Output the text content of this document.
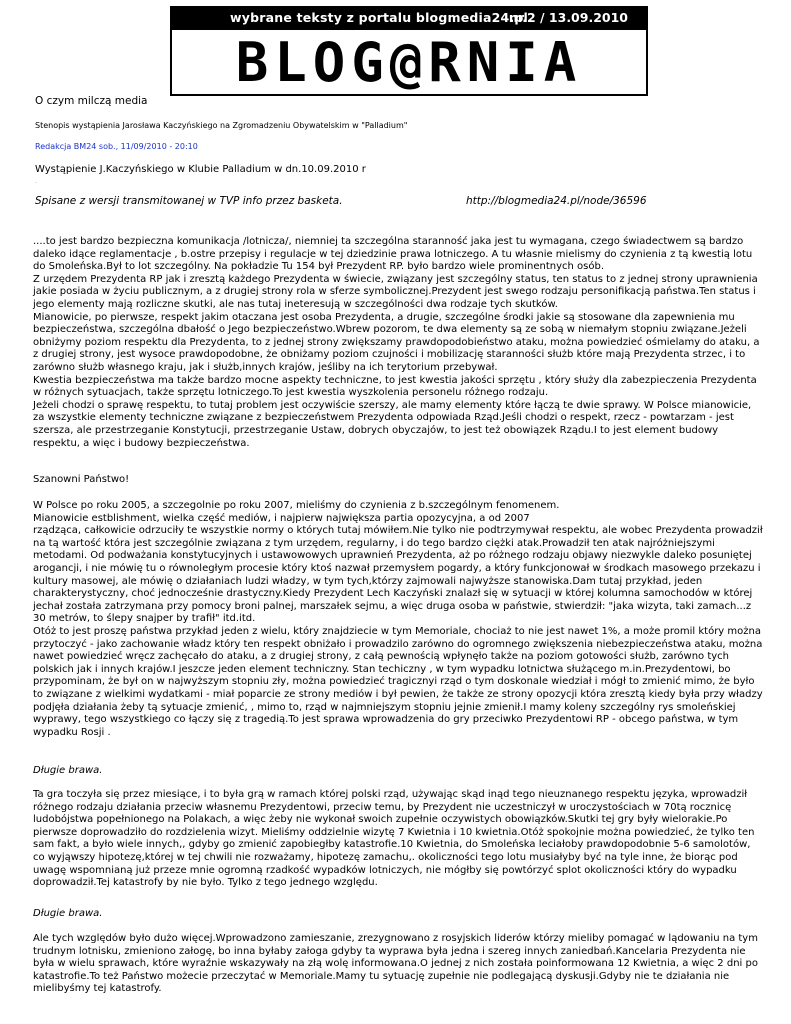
wybrane teksty z portalu blogmedia24.pl
nr.2 / 13.09.2010
BLOG@RNIA

O czym milczą media

Stenopis wystąpienia Jarosława Kaczyńskiego na Zgromadzeniu Obywatelskim w "Palladium"

Redakcja BM24 sob., 11/09/2010 - 20:10

Wystąpienie J.Kaczyńskiego w Klubie Palladium w dn.10.09.2010 r

·

Spisane z wersji transmitowanej w TVP info przez basketa.	http://blogmedia24.pl/node/36596

....to jest bardzo bezpieczna komunikacja /lotnicza/, niemniej ta szczególna staranność jaka jest tu wymagana, czego świadectwem są bardzo daleko idące reglamentacje , b.ostre przepisy i regulacje w tej dziedzinie prawa lotniczego. A tu własnie mielismy do czynienia z tą kwestią lotu do Smoleńska.Był to lot szczególny. Na pokładzie Tu 154 był Prezydent RP. było bardzo wiele prominentnych osób.
Z urzędem Prezydenta RP jak i zresztą każdego Prezydenta w świecie, związany jest szczególny status, ten status to z jednej strony uprawnienia jakie posiada w życiu publicznym, a z drugiej strony rola w sferze symbolicznej.Prezydent jest swego rodzaju personifikacją państwa.Ten status i jego elementy mają rozliczne skutki, ale nas tutaj ineteresują w szczególności dwa rodzaje tych skutków.
Mianowicie, po pierwsze, respekt jakim otaczana jest osoba Prezydenta, a drugie, szczególne środki jakie są stosowane dla zapewnienia mu bezpieczeństwa, szczególna dbałość o Jego bezpieczeństwo.Wbrew pozorom, te dwa elementy są ze sobą w niemałym stopniu związane.Jeżeli obniżymy poziom respektu dla Prezydenta, to z jednej strony zwiększamy prawdopodobieństwo ataku, można powiedzieć ośmielamy do ataku, a z drugiej strony, jest wysoce prawdopodobne, że obniżamy poziom czujności i mobilizację staranności służb które mają Prezydenta strzec, i to zarówno służb własnego kraju, jak i służb,innych krajów, jeśliby na ich terytorium przebywał.
Kwestia bezpieczeństwa ma także bardzo mocne aspekty techniczne, to jest kwestia jakości sprzętu , który służy dla zabezpieczenia Prezydenta w różnych sytuacjach, także sprzętu lotniczego.To jest kwestia wyszkolenia personelu różnego rodzaju.
Jeżeli chodzi o sprawę respektu, to tutaj problem jest oczywiście szerszy, ale mamy elementy które łączą te dwie sprawy. W Polsce mianowicie, za wszystkie elementy techniczne związane z bezpieczeństwem Prezydenta odpowiada Rząd.Jeśli chodzi o respekt, rzecz - powtarzam - jest szersza, ale przestrzeganie Konstytucji, przestrzeganie Ustaw, dobrych obyczajów, to jest też obowiązek Rządu.I to jest element budowy respektu, a więc i budowy bezpieczeństwa.

Szanowni Państwo!

W Polsce po roku 2005, a szczegolnie po roku 2007, mieliśmy do czynienia z b.szczególnym fenomenem.
Mianowicie estblishment, wielka część mediów, i najpierw największa partia opozycyjna, a od 2007
rządząca, całkowicie odrzuciły te wszystkie normy o których tutaj mówiłem.Nie tylko nie podtrzymywał respektu, ale wobec Prezydenta prowadził na tą wartość która jest szczególnie związana z tym urzędem, regularny, i do tego bardzo ciężki atak.Prowadził ten atak najróżniejszymi metodami. Od podważania konstytucyjnych i ustawowowych uprawnień Prezydenta, aż po różnego rodzaju objawy niezwykle daleko posuniętej arogancji, i nie mówię tu o równoległym procesie który ktoś nazwał przemysłem pogardy, a który funkcjonował w środkach masowego przekazu i kultury masowej, ale mówię o działaniach ludzi władzy, w tym tych,którzy zajmowali najwyższe stanowiska.Dam tutaj przykład, jeden charakterystyczny, choć jednocześnie drastyczny.Kiedy Prezydent Lech Kaczyński znalazł się w sytuacji w której kolumna samochodów w której jechał została zatrzymana przy pomocy broni palnej, marszałek sejmu, a więc druga osoba w państwie, stwierdził: "jaka wizyta, taki zamach...z 30 metrów, to ślepy snajper by trafił" itd.itd.
Otóż to jest proszę państwa przykład jeden z wielu, który znajdziecie w tym Memoriale, chociaż to nie jest nawet 1%, a może promil który można przytoczyć - jako zachowanie władz który ten respekt obniżało i prowadzilo zarówno do ogromnego zwiększenia niebezpieczeństwa ataku, można nawet powiedzieć wręcz zachęcało do ataku, a z drugiej strony, z całą pewnością wpłynęło także na poziom gotowości służb, zarówno tych polskich jak i innych krajów.I jeszcze jeden element techniczny. Stan techiczny , w tym wypadku lotnictwa służącego m.in.Prezydentowi, bo przypominam, że był on w najwyższym stopniu zły, można powiedzieć tragicznyi rząd o tym doskonale wiedział i mógł to zmienić mimo, że było to związane z wielkimi wydatkami - miał poparcie ze strony mediów i był pewien, że także ze strony opozycji która zresztą kiedy była przy władzy podjęła działania żeby tą sytuacje zmienić, , mimo to, rząd w najmniejszym stopniu jejnie zmienił.I mamy koleny szczególny rys smoleńskiej wyprawy, tego wszystkiego co łączy się z tragedią.To jest sprawa wprowadzenia do gry przeciwko Prezydentowi RP - obcego państwa, w tym wypadku Rosji .

Długie brawa.

Ta gra toczyła się przez miesiące, i to była grą w ramach której polski rząd, używając skąd inąd tego nieuznanego respektu języka, wprowadził różnego rodzaju działania przeciw własnemu Prezydentowi, przeciw temu, by Prezydent nie uczestniczył w uroczystościach w 70tą rocznicę ludobójstwa popełnionego na Polakach, a więc żeby nie wykonał swoich zupełnie oczywistych obowiązków.Skutki tej gry były wielorakie.Po pierwsze doprowadziło do rozdzielenia wizyt. Mieliśmy oddzielnie wizytę 7 Kwietnia i 10 kwietnia.Otóż spokojnie można powiedzieć, że tylko ten sam fakt, a było wiele innych,, gdyby go zmienić zapobiegłby katastrofie.10 Kwietnia, do Smoleńska leciałoby prawdopodobnie 5-6 samolotów, co wyjąwszy hipotezę,której w tej chwili nie rozważamy, hipotezę zamachu,. okoliczności tego lotu musiałyby być na tyle inne, że biorąc pod uwagę wspomnianą już przeze mnie ogromną rzadkość wypadków lotniczych, nie mógłby się powtórzyć splot okoliczności który do wypadku doprowadził.Tej katastrofy by nie było. Tylko z tego jednego względu.

Długie brawa.

Ale tych względów było dużo więcej.Wprowadzono zamieszanie, zrezygnowano z rosyjskich liderów którzy mieliby pomagać w lądowaniu na tym trudnym lotnisku, zmieniono załogę, bo inna byłaby załoga gdyby ta wyprawa była jedna i szereg innych zaniedbań.Kancelaria Prezydenta nie była w wielu sprawach, które wyraźnie wskazywały na złą wolę informowana.O jednej z nich została poinformowana 12 Kwietnia, a więc 2 dni po katastrofie.To też Państwo możecie przeczytać w Memoriale.Mamy tu sytuację zupełnie nie podlegającą dyskusji.Gdyby nie te działania nie mielibyśmy tej katastrofy.
